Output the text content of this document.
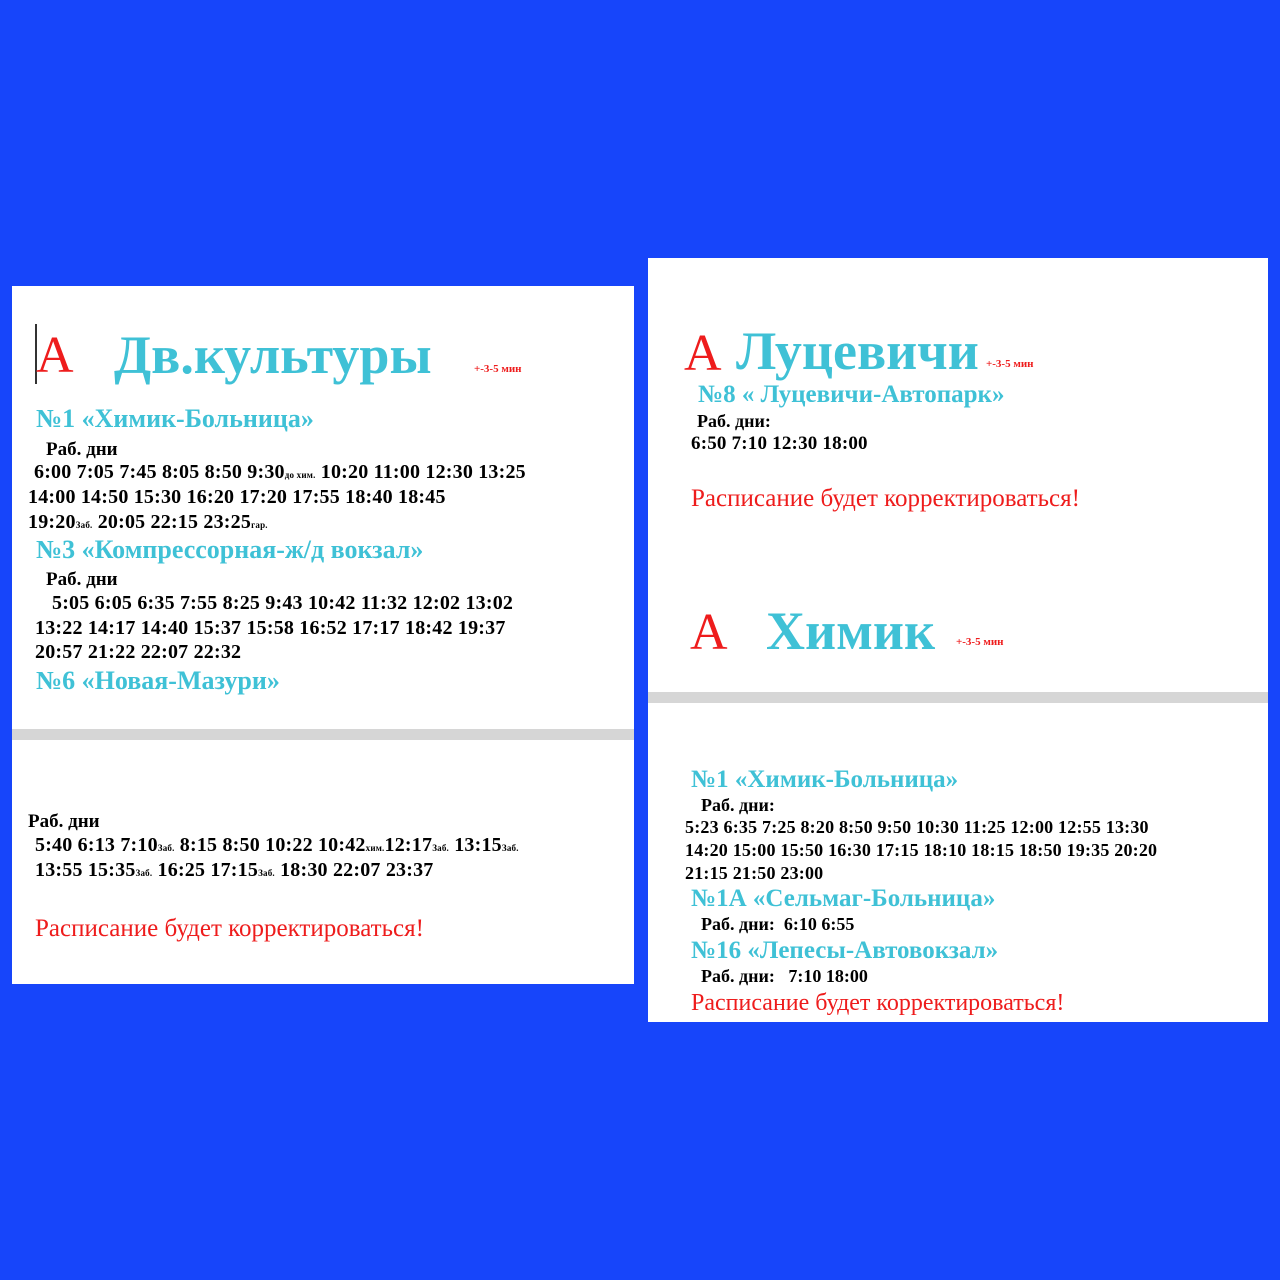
А Дв.культуры	+-3-5 мин
№1 «Химик-Больница»
Раб. дни
6:00 7:05 7:45 8:05 8:50 9:30до хим. 10:20 11:00 12:30 13:25
14:00 14:50 15:30 16:20 17:20 17:55 18:40 18:45
19:20Заб. 20:05 22:15 23:25гар.
№3 «Компрессорная-ж/д вокзал»
Раб. дни
5:05 6:05 6:35 7:55 8:25 9:43 10:42 11:32 12:02 13:02
13:22 14:17 14:40 15:37 15:58 16:52 17:17 18:42 19:37
20:57 21:22 22:07 22:32
№6 «Новая-Мазури»
Раб. дни
5:40 6:13 7:10Заб. 8:15 8:50 10:22 10:42хим.12:17Заб. 13:15Заб.
13:55 15:35Заб. 16:25 17:15Заб. 18:30 22:07 23:37
Расписание будет корректироваться!
А Луцевичи +-3-5 мин
№8 « Луцевичи-Автопарк»
Раб. дни:
6:50 7:10 12:30 18:00
Расписание будет корректироваться!
А Химик +-3-5 мин
№1 «Химик-Больница»
Раб. дни:
5:23 6:35 7:25 8:20 8:50 9:50 10:30 11:25 12:00 12:55 13:30
14:20 15:00 15:50 16:30 17:15 18:10 18:15 18:50 19:35 20:20
21:15 21:50 23:00
№1А «Сельмаг-Больница»
Раб. дни: 6:10 6:55
№16 «Лепесы-Автовокзал»
Раб. дни: 7:10 18:00
Расписание будет корректироваться!
